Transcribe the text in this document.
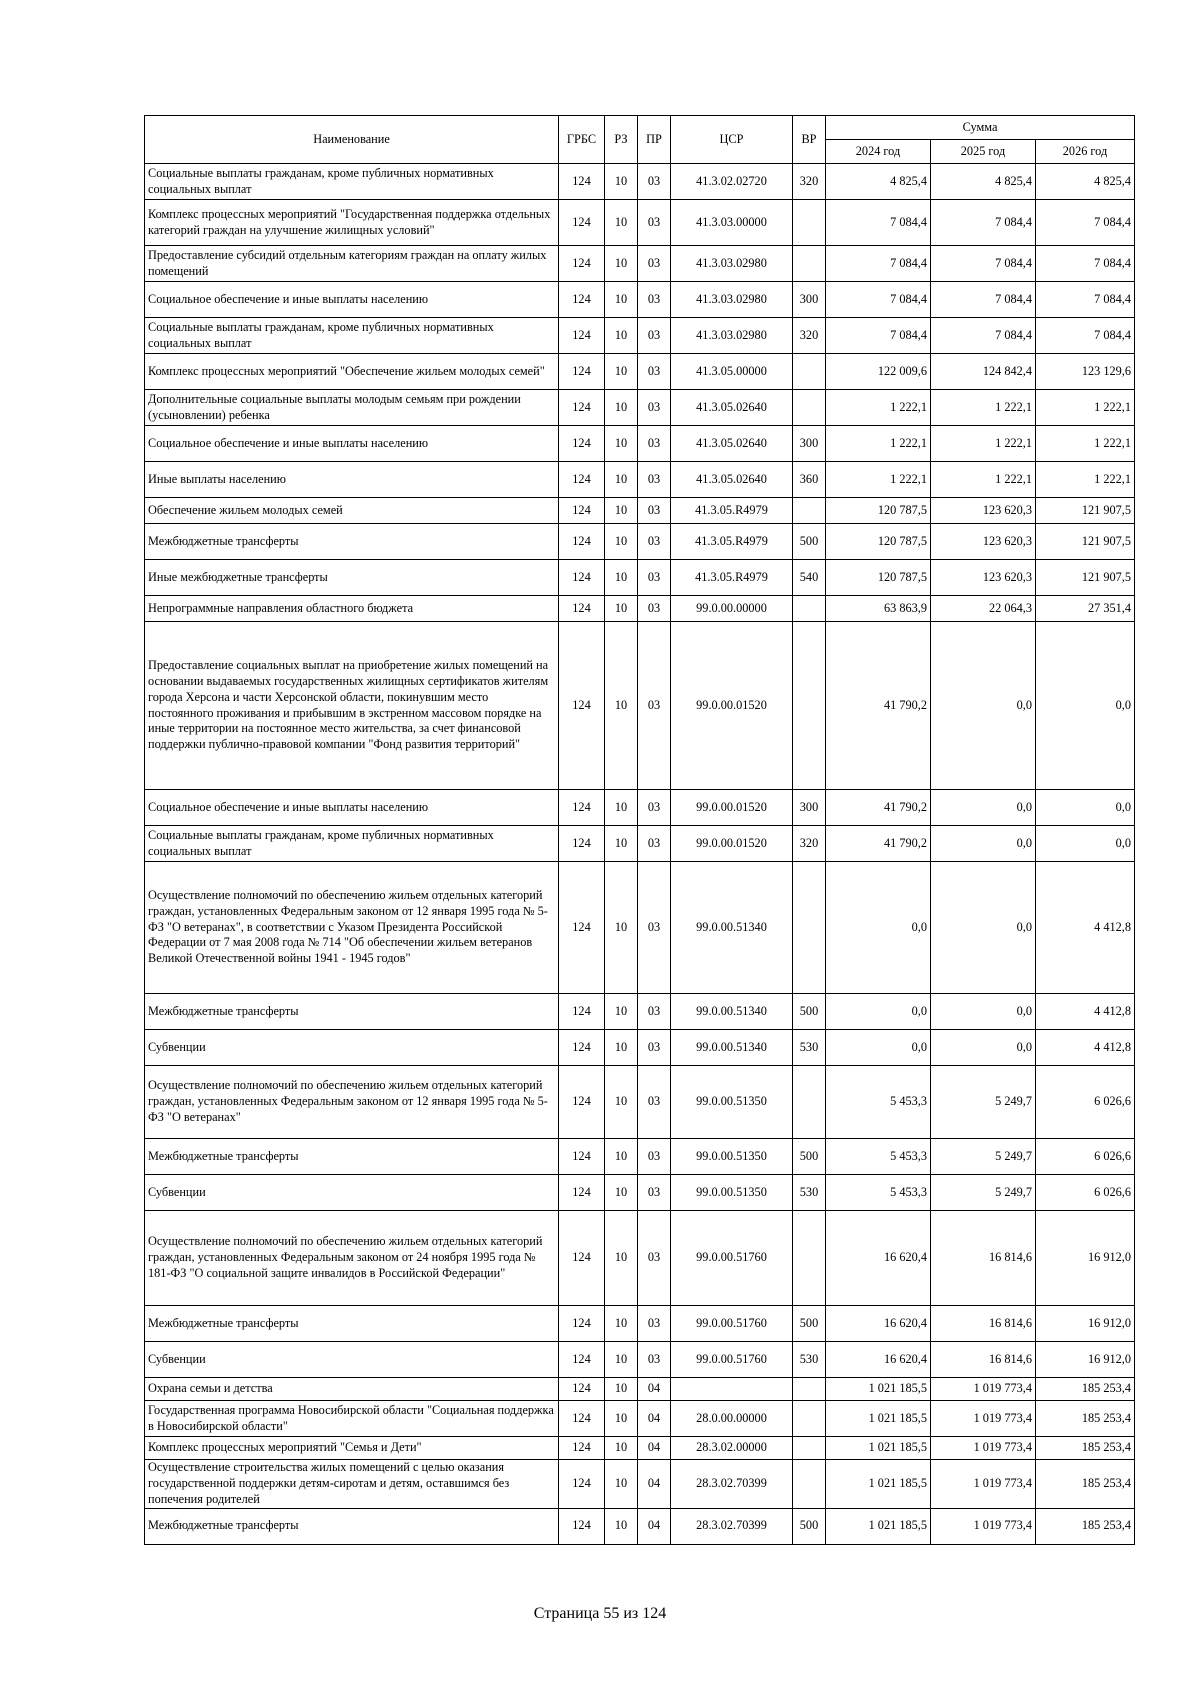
Наименование	ГРБС	РЗ	ПР	ЦСР	ВР	Сумма		
						2024 год	2025 год	2026 год
Социальные выплаты гражданам, кроме публичных нормативных социальных выплат	124	10	03	41.3.02.02720	320	4 825,4	4 825,4	4 825,4
Комплекс процессных мероприятий "Государственная поддержка отдельных категорий граждан на улучшение жилищных условий"	124	10	03	41.3.03.00000		7 084,4	7 084,4	7 084,4
Предоставление субсидий отдельным категориям граждан на оплату жилых помещений	124	10	03	41.3.03.02980		7 084,4	7 084,4	7 084,4
Социальное обеспечение и иные выплаты населению	124	10	03	41.3.03.02980	300	7 084,4	7 084,4	7 084,4
Социальные выплаты гражданам, кроме публичных нормативных социальных выплат	124	10	03	41.3.03.02980	320	7 084,4	7 084,4	7 084,4
Комплекс процессных мероприятий "Обеспечение жильем молодых семей"	124	10	03	41.3.05.00000		122 009,6	124 842,4	123 129,6
Дополнительные социальные выплаты молодым семьям при рождении (усыновлении) ребенка	124	10	03	41.3.05.02640		1 222,1	1 222,1	1 222,1
Социальное обеспечение и иные выплаты населению	124	10	03	41.3.05.02640	300	1 222,1	1 222,1	1 222,1
Иные выплаты населению	124	10	03	41.3.05.02640	360	1 222,1	1 222,1	1 222,1
Обеспечение жильем молодых семей	124	10	03	41.3.05.R4979		120 787,5	123 620,3	121 907,5
Межбюджетные трансферты	124	10	03	41.3.05.R4979	500	120 787,5	123 620,3	121 907,5
Иные межбюджетные трансферты	124	10	03	41.3.05.R4979	540	120 787,5	123 620,3	121 907,5
Непрограммные направления областного бюджета	124	10	03	99.0.00.00000		63 863,9	22 064,3	27 351,4
Предоставление социальных выплат на приобретение жилых помещений на основании выдаваемых государственных жилищных сертификатов жителям города Херсона и части Херсонской области, покинувшим место постоянного проживания и прибывшим в экстренном массовом порядке на иные территории на постоянное место жительства, за счет финансовой поддержки публично-правовой компании "Фонд развития территорий"	124	10	03	99.0.00.01520		41 790,2	0,0	0,0
Социальное обеспечение и иные выплаты населению	124	10	03	99.0.00.01520	300	41 790,2	0,0	0,0
Социальные выплаты гражданам, кроме публичных нормативных социальных выплат	124	10	03	99.0.00.01520	320	41 790,2	0,0	0,0
Осуществление полномочий по обеспечению жильем отдельных категорий граждан, установленных Федеральным законом от 12 января 1995 года № 5-ФЗ "О ветеранах", в соответствии с Указом Президента Российской Федерации от 7 мая 2008 года № 714 "Об обеспечении жильем ветеранов Великой Отечественной войны 1941 - 1945 годов"	124	10	03	99.0.00.51340		0,0	0,0	4 412,8
Межбюджетные трансферты	124	10	03	99.0.00.51340	500	0,0	0,0	4 412,8
Субвенции	124	10	03	99.0.00.51340	530	0,0	0,0	4 412,8
Осуществление полномочий по обеспечению жильем отдельных категорий граждан, установленных Федеральным законом от 12 января 1995 года № 5-ФЗ "О ветеранах"	124	10	03	99.0.00.51350		5 453,3	5 249,7	6 026,6
Межбюджетные трансферты	124	10	03	99.0.00.51350	500	5 453,3	5 249,7	6 026,6
Субвенции	124	10	03	99.0.00.51350	530	5 453,3	5 249,7	6 026,6
Осуществление полномочий по обеспечению жильем отдельных категорий граждан, установленных Федеральным законом от 24 ноября 1995 года № 181-ФЗ "О социальной защите инвалидов в Российской Федерации"	124	10	03	99.0.00.51760		16 620,4	16 814,6	16 912,0
Межбюджетные трансферты	124	10	03	99.0.00.51760	500	16 620,4	16 814,6	16 912,0
Субвенции	124	10	03	99.0.00.51760	530	16 620,4	16 814,6	16 912,0
Охрана семьи и детства	124	10	04			1 021 185,5	1 019 773,4	185 253,4
Государственная программа Новосибирской области "Социальная поддержка в Новосибирской области"	124	10	04	28.0.00.00000		1 021 185,5	1 019 773,4	185 253,4
Комплекс процессных мероприятий "Семья и Дети"	124	10	04	28.3.02.00000		1 021 185,5	1 019 773,4	185 253,4
Осуществление строительства жилых помещений с целью оказания государственной поддержки детям-сиротам и детям, оставшимся без попечения родителей	124	10	04	28.3.02.70399		1 021 185,5	1 019 773,4	185 253,4
Межбюджетные трансферты	124	10	04	28.3.02.70399	500	1 021 185,5	1 019 773,4	185 253,4
Страница 55 из 124
